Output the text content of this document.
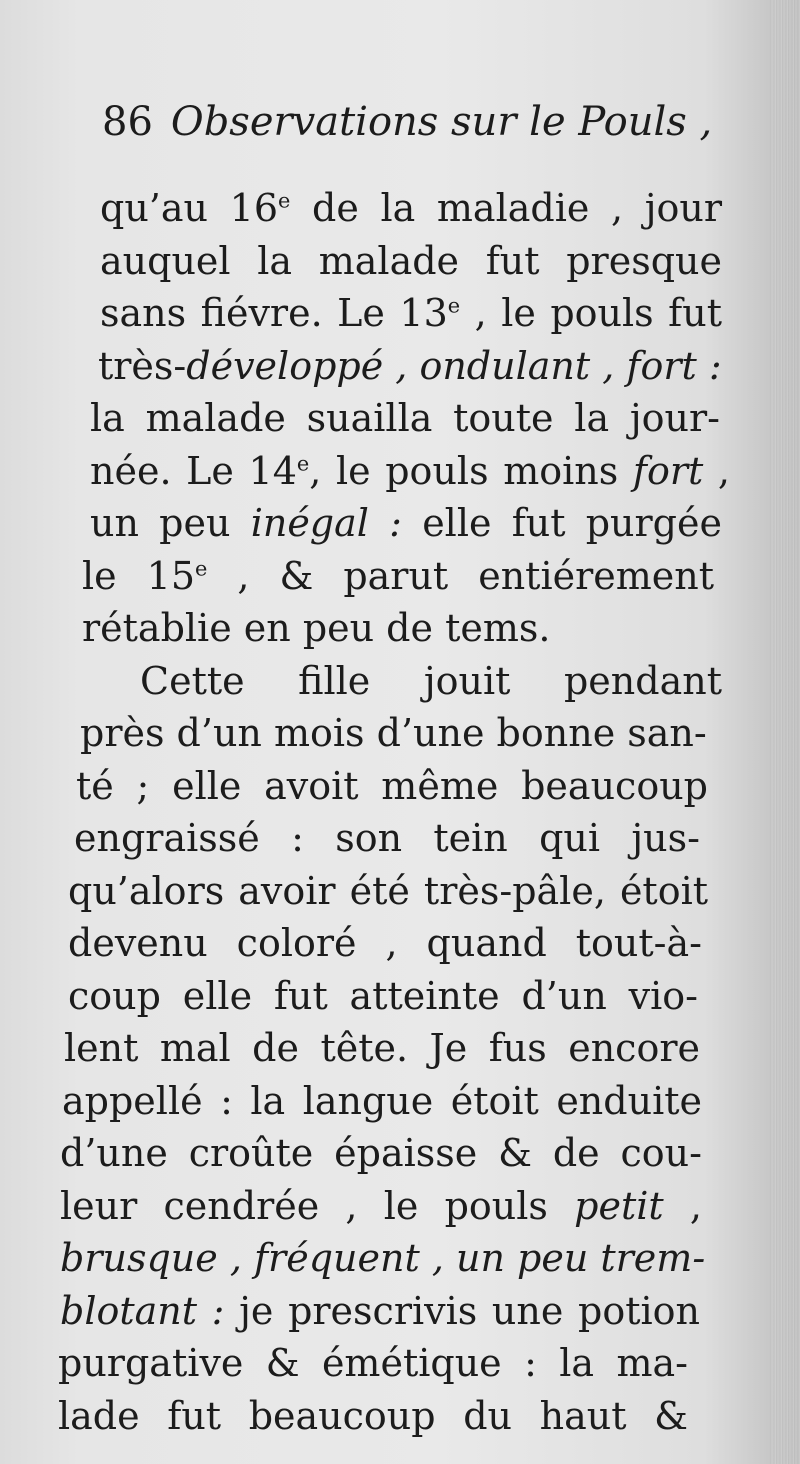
86 Observations sur le Pouls ,
qu’au 16e de la maladie , jour
auquel la malade fut presque
sans fiévre. Le 13e , le pouls fut
très-développé , ondulant , fort :
la malade suailla toute la jour-
née. Le 14e, le pouls moins fort ,
un peu inégal : elle fut purgée
le 15e , & parut entiérement
rétablie en peu de tems.
Cette fille jouit pendant
près d’un mois d’une bonne san-
té ; elle avoit même beaucoup
engraissé : son tein qui jus-
qu’alors avoir été très-pâle, étoit
devenu coloré , quand tout-à-
coup elle fut atteinte d’un vio-
lent mal de tête. Je fus encore
appellé : la langue étoit enduite
d’une croûte épaisse & de cou-
leur cendrée , le pouls petit ,
brusque , fréquent , un peu trem-
blotant : je prescrivis une potion
purgative & émétique : la ma-
lade fut beaucoup du haut &
